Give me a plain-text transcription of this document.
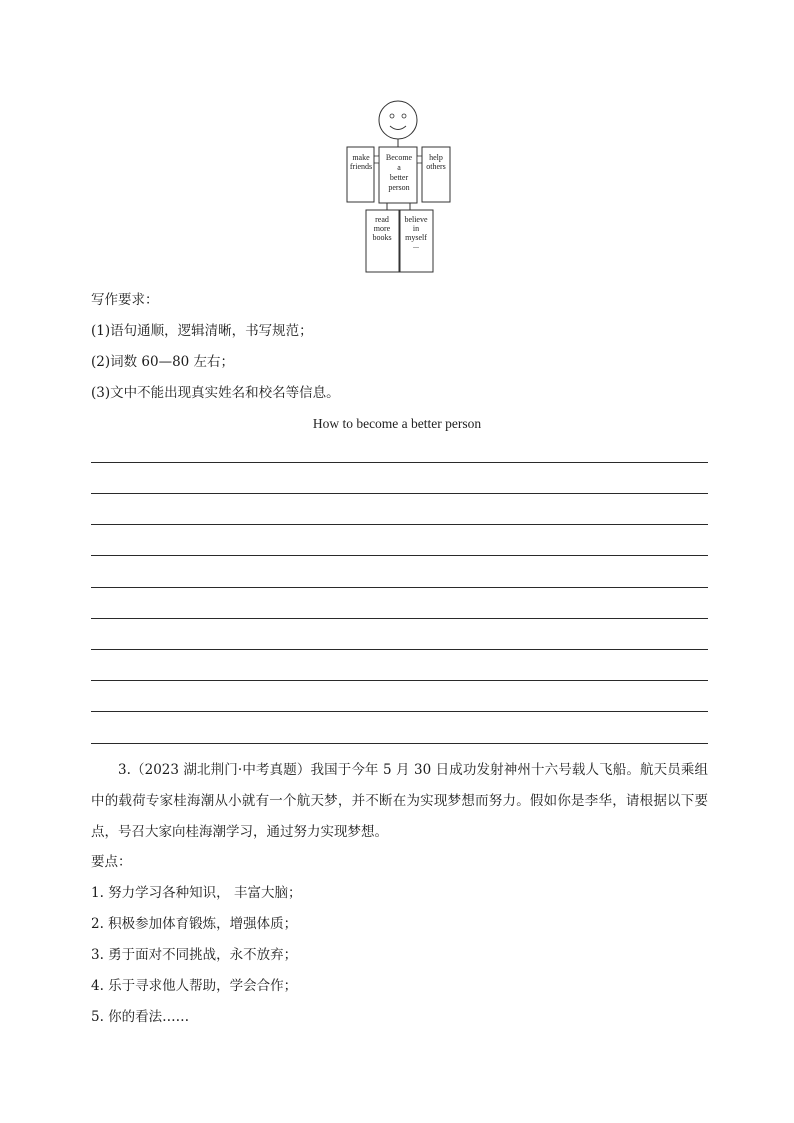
Become
a
better
person
make
friends
help
others
read
more
books
believe
in
myself
...
写作要求：
(1)语句通顺，逻辑清晰，书写规范；
(2)词数 60—80 左右；
(3)文中不能出现真实姓名和校名等信息。
How to become a better person
3.（2023 湖北荆门·中考真题）我国于今年 5 月 30 日成功发射神州十六号载人飞船。航天员乘组中的载荷专家桂海潮从小就有一个航天梦，并不断在为实现梦想而努力。假如你是李华，请根据以下要点，号召大家向桂海潮学习，通过努力实现梦想。
要点：
1. 努力学习各种知识， 丰富大脑；
2. 积极参加体育锻炼，增强体质；
3. 勇于面对不同挑战，永不放弃；
4. 乐于寻求他人帮助，学会合作；
5. 你的看法……
